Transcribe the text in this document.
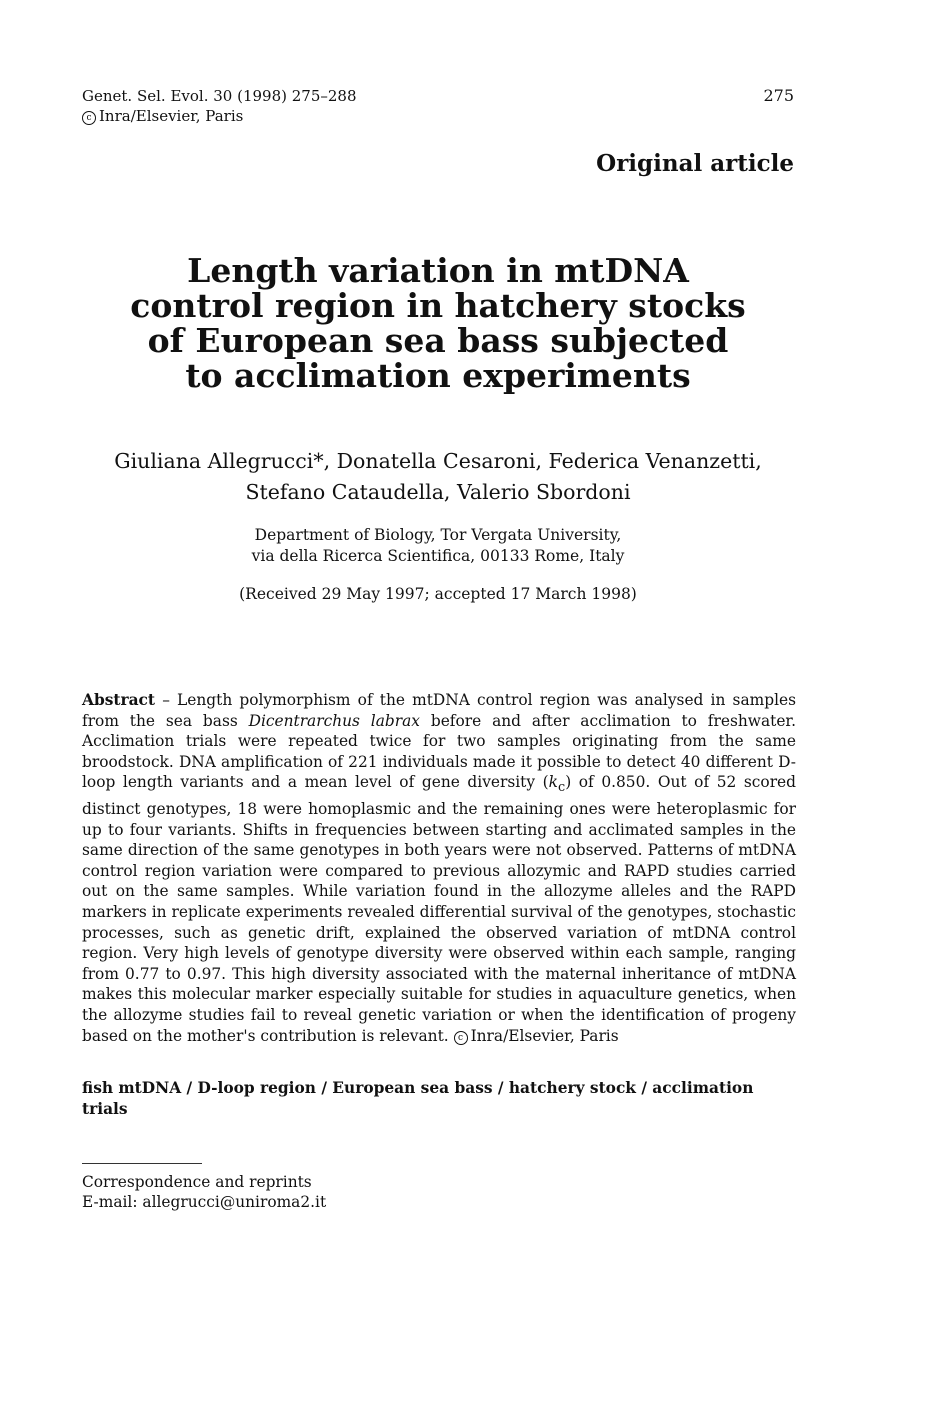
Genet. Sel. Evol. 30 (1998) 275–288
c Inra/Elsevier, Paris
275
Original article
Length variation in mtDNA
control region in hatchery stocks
of European sea bass subjected
to acclimation experiments
Giuliana Allegrucci*, Donatella Cesaroni, Federica Venanzetti,
Stefano Cataudella, Valerio Sbordoni
Department of Biology, Tor Vergata University,
via della Ricerca Scientifica, 00133 Rome, Italy
(Received 29 May 1997; accepted 17 March 1998)
Abstract – Length polymorphism of the mtDNA control region was analysed in samples from the sea bass Dicentrarchus labrax before and after acclimation to freshwater. Acclimation trials were repeated twice for two samples originating from the same broodstock. DNA amplification of 221 individuals made it possible to detect 40 different D-loop length variants and a mean level of gene diversity $(k_c)$ of 0.850. Out of 52 scored distinct genotypes, 18 were homoplasmic and the remaining ones were heteroplasmic for up to four variants. Shifts in frequencies between starting and acclimated samples in the same direction of the same genotypes in both years were not observed. Patterns of mtDNA control region variation were compared to previous allozymic and RAPD studies carried out on the same samples. While variation found in the allozyme alleles and the RAPD markers in replicate experiments revealed differential survival of the genotypes, stochastic processes, such as genetic drift, explained the observed variation of mtDNA control region. Very high levels of genotype diversity were observed within each sample, ranging from 0.77 to 0.97. This high diversity associated with the maternal inheritance of mtDNA makes this molecular marker especially suitable for studies in aquaculture genetics, when the allozyme studies fail to reveal genetic variation or when the identification of progeny based on the mother's contribution is relevant. c Inra/Elsevier, Paris
fish mtDNA / D-loop region / European sea bass / hatchery stock / acclimation trials
Correspondence and reprints
E-mail: allegrucci@uniroma2.it
